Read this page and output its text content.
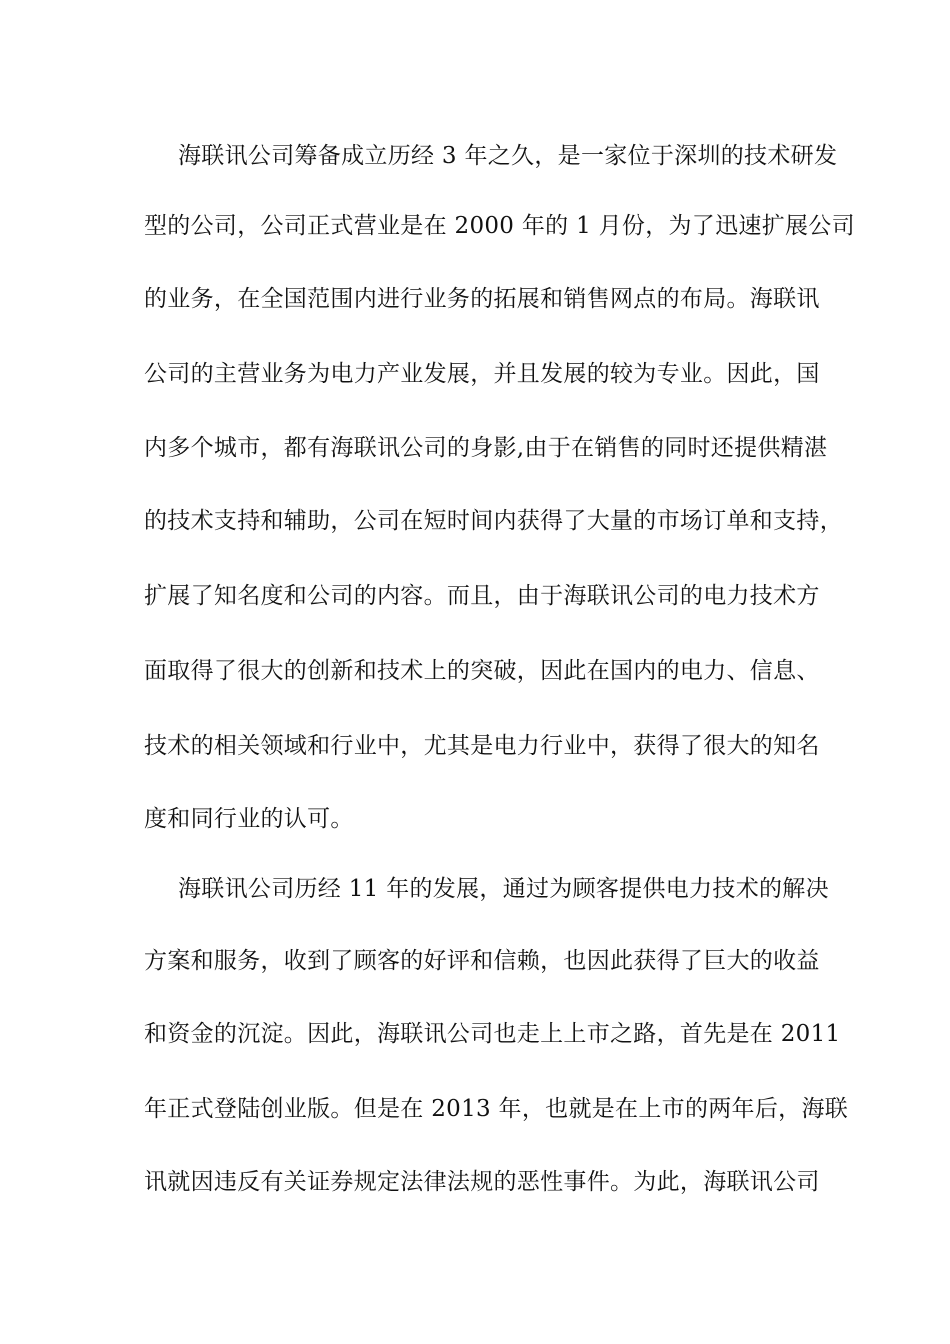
海联讯公司筹备成立历经 3 年之久，是一家位于深圳的技术研发
型的公司，公司正式营业是在 2000 年的 1 月份，为了迅速扩展公司
的业务，在全国范围内进行业务的拓展和销售网点的布局。海联讯
公司的主营业务为电力产业发展，并且发展的较为专业。因此，国
内多个城市，都有海联讯公司的身影,由于在销售的同时还提供精湛
的技术支持和辅助，公司在短时间内获得了大量的市场订单和支持，
扩展了知名度和公司的内容。而且，由于海联讯公司的电力技术方
面取得了很大的创新和技术上的突破，因此在国内的电力、信息、
技术的相关领域和行业中，尤其是电力行业中，获得了很大的知名
度和同行业的认可。
海联讯公司历经 11 年的发展，通过为顾客提供电力技术的解决
方案和服务，收到了顾客的好评和信赖，也因此获得了巨大的收益
和资金的沉淀。因此，海联讯公司也走上上市之路，首先是在 2011
年正式登陆创业版。但是在 2013 年，也就是在上市的两年后，海联
讯就因违反有关证券规定法律法规的恶性事件。为此，海联讯公司
